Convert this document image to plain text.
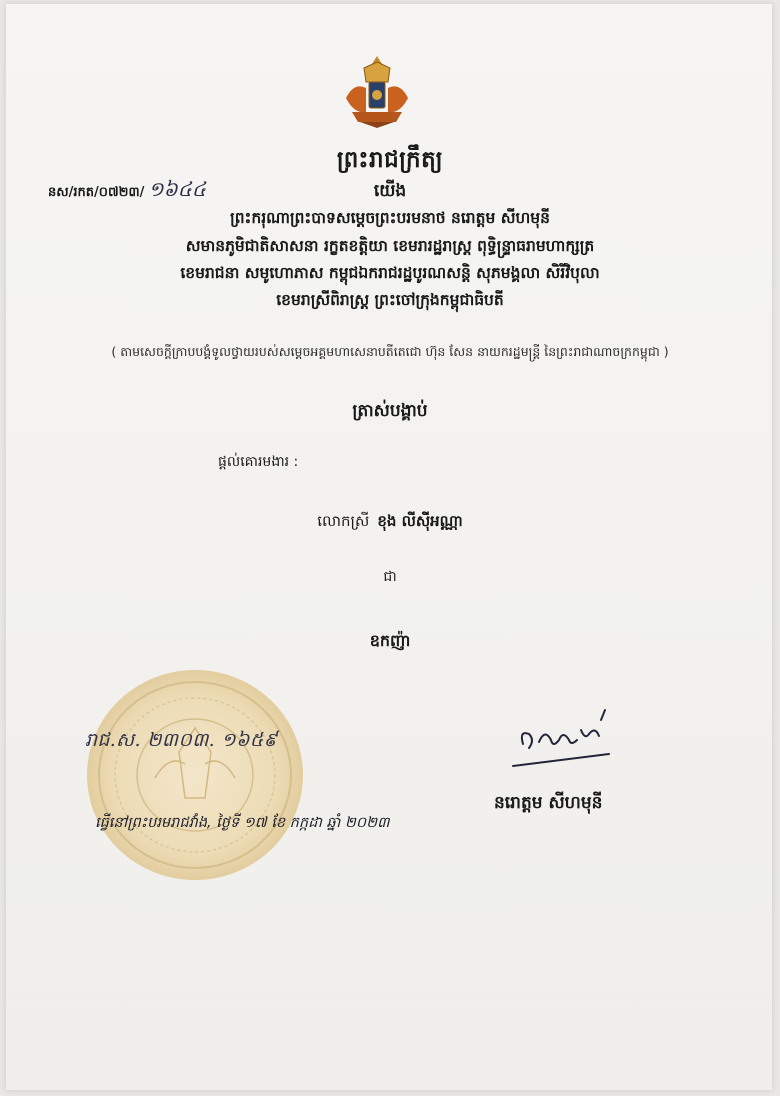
ព្រះរាជក្រឹត្យ
នស/រកត/០៧២៣/ ១៦៤៤	យើង
ព្រះករុណាព្រះបាទសម្តេចព្រះបរមនាថ នរោត្តម សីហមុនី
សមានភូមិជាតិសាសនា រក្ខតខត្តិយា ខេមរារដ្ឋរាស្ត្រ ពុទ្ធិន្ទ្រាធរាមហាក្សត្រ
ខេមរាជនា សមូហោភាស កម្ពុជឯករាជរដ្ឋបូរណសន្តិ សុភមង្គលា សិរីវិបុលា
ខេមរាស្រីពិរាស្ត្រ ព្រះចៅក្រុងកម្ពុជាធិបតី
( តាមសេចក្តីក្រាបបង្គំទូលថ្វាយរបស់សម្តេចអគ្គមហាសេនាបតីតេជោ ហ៊ុន សែន នាយករដ្ឋមន្ត្រី នៃព្រះរាជាណាចក្រកម្ពុជា )
ត្រាស់បង្គាប់
ផ្តល់គោរមងារ :
លោកស្រី ខុង លីស៊ីអណ្ណា
ជា
ឧកញ៉ា
រាជ.ស. ២៣០៣. ១៦៥៩
ធ្វើនៅព្រះបរមរាជវាំង, ថ្ងៃទី ១៧ ខែ កក្កដា ឆ្នាំ ២០២៣
នរោត្តម សីហមុនី
